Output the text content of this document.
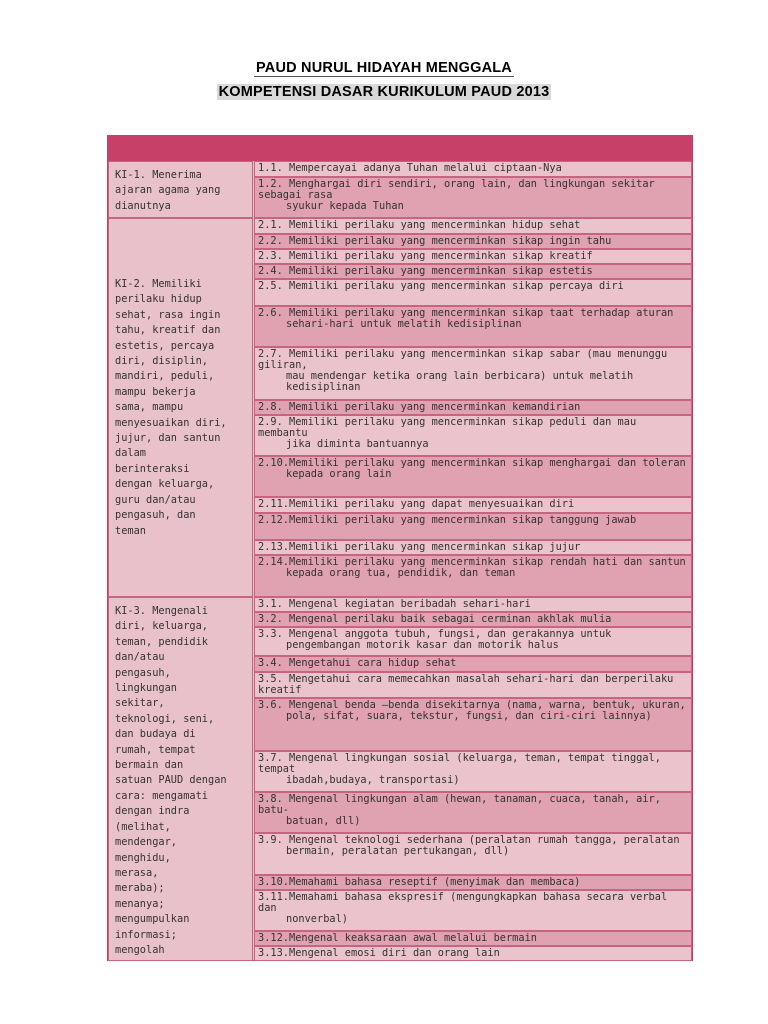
PAUD NURUL HIDAYAH MENGGALA
KOMPETENSI DASAR KURIKULUM PAUD 2013
KI-1. Menerima
ajaran agama yang
dianutnya
KI-2. Memiliki
perilaku hidup
sehat, rasa ingin
tahu, kreatif dan
estetis, percaya
diri, disiplin,
mandiri, peduli,
mampu bekerja
sama, mampu
menyesuaikan diri,
jujur, dan santun
dalam
berinteraksi
dengan keluarga,
guru dan/atau
pengasuh, dan
teman
KI-3. Mengenali
diri, keluarga,
teman, pendidik
dan/atau
pengasuh,
lingkungan
sekitar,
teknologi, seni,
dan budaya di
rumah, tempat
bermain dan
satuan PAUD dengan
cara: mengamati
dengan indra
(melihat,
mendengar,
menghidu,
merasa,
meraba);
menanya;
mengumpulkan
informasi;
mengolah
1.1. Mempercayai adanya Tuhan melalui ciptaan-Nya
1.2. Menghargai diri sendiri, orang lain, dan lingkungan sekitar sebagai rasa
syukur kepada Tuhan
2.1. Memiliki perilaku yang mencerminkan hidup sehat
2.2. Memiliki perilaku yang mencerminkan sikap ingin tahu
2.3. Memiliki perilaku yang mencerminkan sikap kreatif
2.4. Memiliki perilaku yang mencerminkan sikap estetis
2.5. Memiliki perilaku yang mencerminkan sikap percaya diri
2.6. Memiliki perilaku yang mencerminkan sikap taat terhadap aturan
sehari-hari untuk melatih kedisiplinan
2.7. Memiliki perilaku yang mencerminkan sikap sabar (mau menunggu giliran,
mau mendengar ketika orang lain berbicara) untuk melatih kedisiplinan
2.8. Memiliki perilaku yang mencerminkan kemandirian
2.9. Memiliki perilaku yang mencerminkan sikap peduli dan mau membantu
jika diminta bantuannya
2.10.Memiliki perilaku yang mencerminkan sikap menghargai dan toleran
kepada orang lain
2.11.Memiliki perilaku yang dapat menyesuaikan diri
2.12.Memiliki perilaku yang mencerminkan sikap tanggung jawab
2.13.Memiliki perilaku yang mencerminkan sikap jujur
2.14.Memiliki perilaku yang mencerminkan sikap rendah hati dan santun
kepada orang tua, pendidik, dan teman
3.1. Mengenal kegiatan beribadah sehari-hari
3.2. Mengenal perilaku baik sebagai cerminan akhlak mulia
3.3. Mengenal anggota tubuh, fungsi, dan gerakannya untuk
pengembangan motorik kasar dan motorik halus
3.4. Mengetahui cara hidup sehat
3.5. Mengetahui cara memecahkan masalah sehari-hari dan berperilaku kreatif
3.6. Mengenal benda –benda disekitarnya (nama, warna, bentuk, ukuran,
pola, sifat, suara, tekstur, fungsi, dan ciri-ciri lainnya)
3.7. Mengenal lingkungan sosial (keluarga, teman, tempat tinggal, tempat
ibadah,budaya, transportasi)
3.8. Mengenal lingkungan alam (hewan, tanaman, cuaca, tanah, air, batu-
batuan, dll)
3.9. Mengenal teknologi sederhana (peralatan rumah tangga, peralatan
bermain, peralatan pertukangan, dll)
3.10.Memahami bahasa reseptif (menyimak dan membaca)
3.11.Memahami bahasa ekspresif (mengungkapkan bahasa secara verbal dan
nonverbal)
3.12.Mengenal keaksaraan awal melalui bermain
3.13.Mengenal emosi diri dan orang lain
